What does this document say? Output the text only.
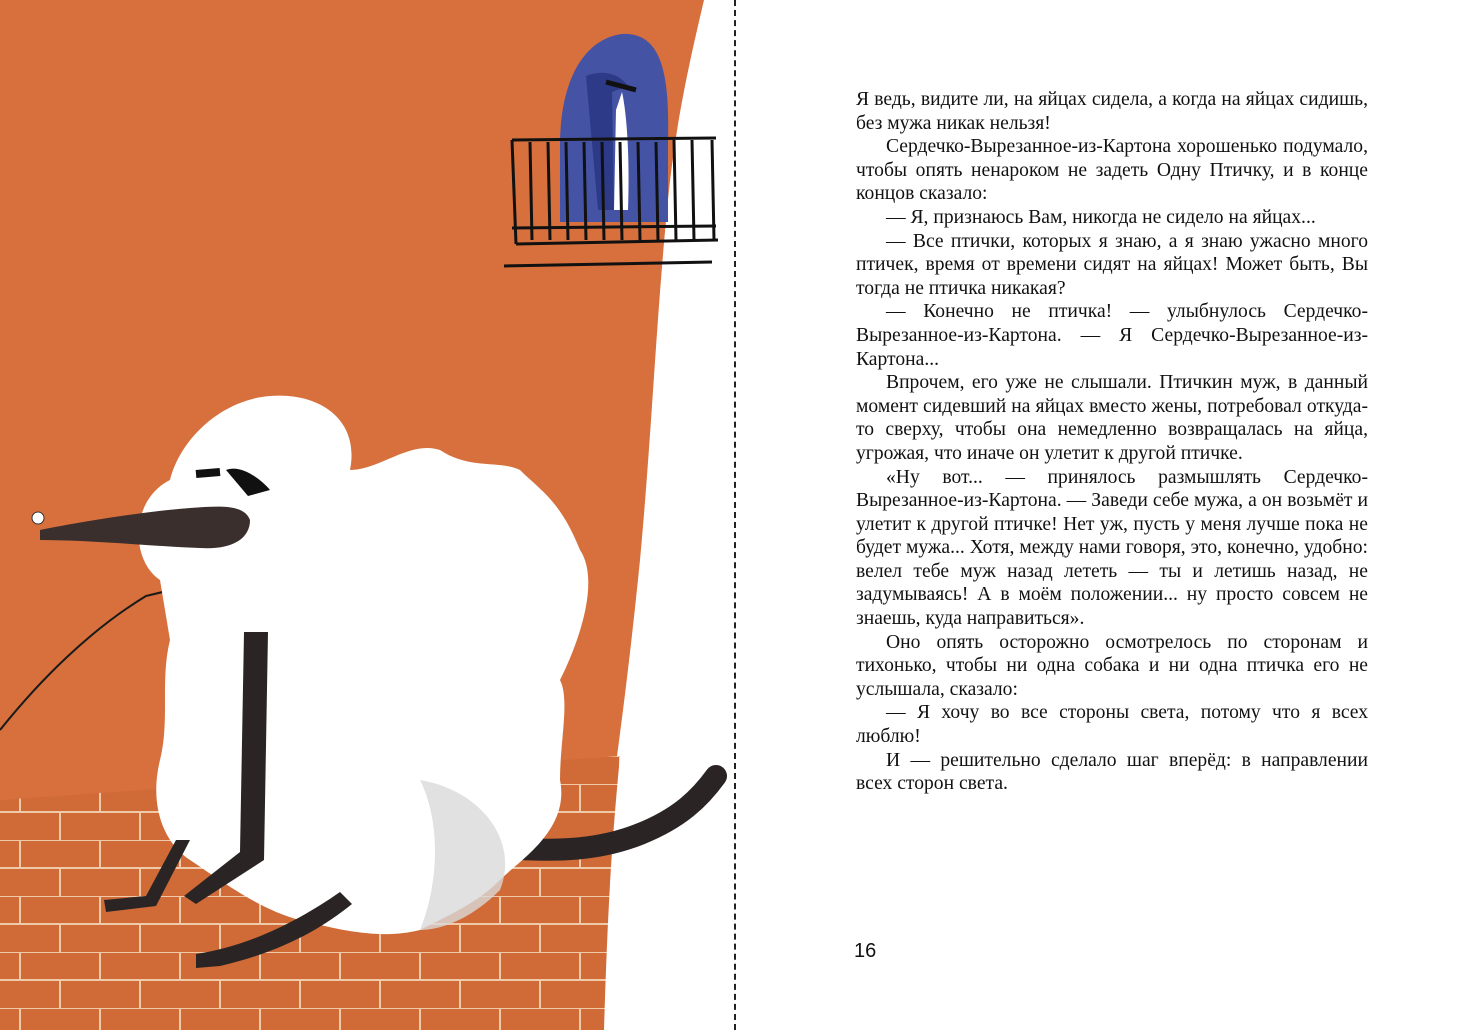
Я ведь, видите ли, на яйцах сидела, а когда на яйцах сидишь, без мужа никак нельзя!

Сердечко-Вырезанное-из-Картона хорошенько подумало, чтобы опять ненароком не задеть Одну Птичку, и в конце концов сказало:

— Я, признаюсь Вам, никогда не сидело на яйцах...

— Все птички, которых я знаю, а я знаю ужасно много птичек, время от времени сидят на яйцах! Может быть, Вы тогда не птичка никакая?

— Конечно не птичка! — улыбнулось Сердечко-Вырезанное-из-Картона. — Я Сердечко-Вырезанное-из-Картона...

Впрочем, его уже не слышали. Птичкин муж, в данный момент сидевший на яйцах вместо жены, потребовал откуда-то сверху, чтобы она немедленно возвращалась на яйца, угрожая, что иначе он улетит к другой птичке.

«Ну вот... — принялось размышлять Сердечко-Вырезанное-из-Картона. — Заведи себе мужа, а он возьмёт и улетит к другой птичке! Нет уж, пусть у меня лучше пока не будет мужа... Хотя, между нами говоря, это, конечно, удобно: велел тебе муж назад лететь — ты и летишь назад, не задумываясь! А в моём положении... ну просто совсем не знаешь, куда направиться».

Оно опять осторожно осмотрелось по сторонам и тихонько, чтобы ни одна собака и ни одна птичка его не услышала, сказало:

— Я хочу во все стороны света, потому что я всех люблю!

И — решительно сделало шаг вперёд: в направлении всех сторон света.

16
